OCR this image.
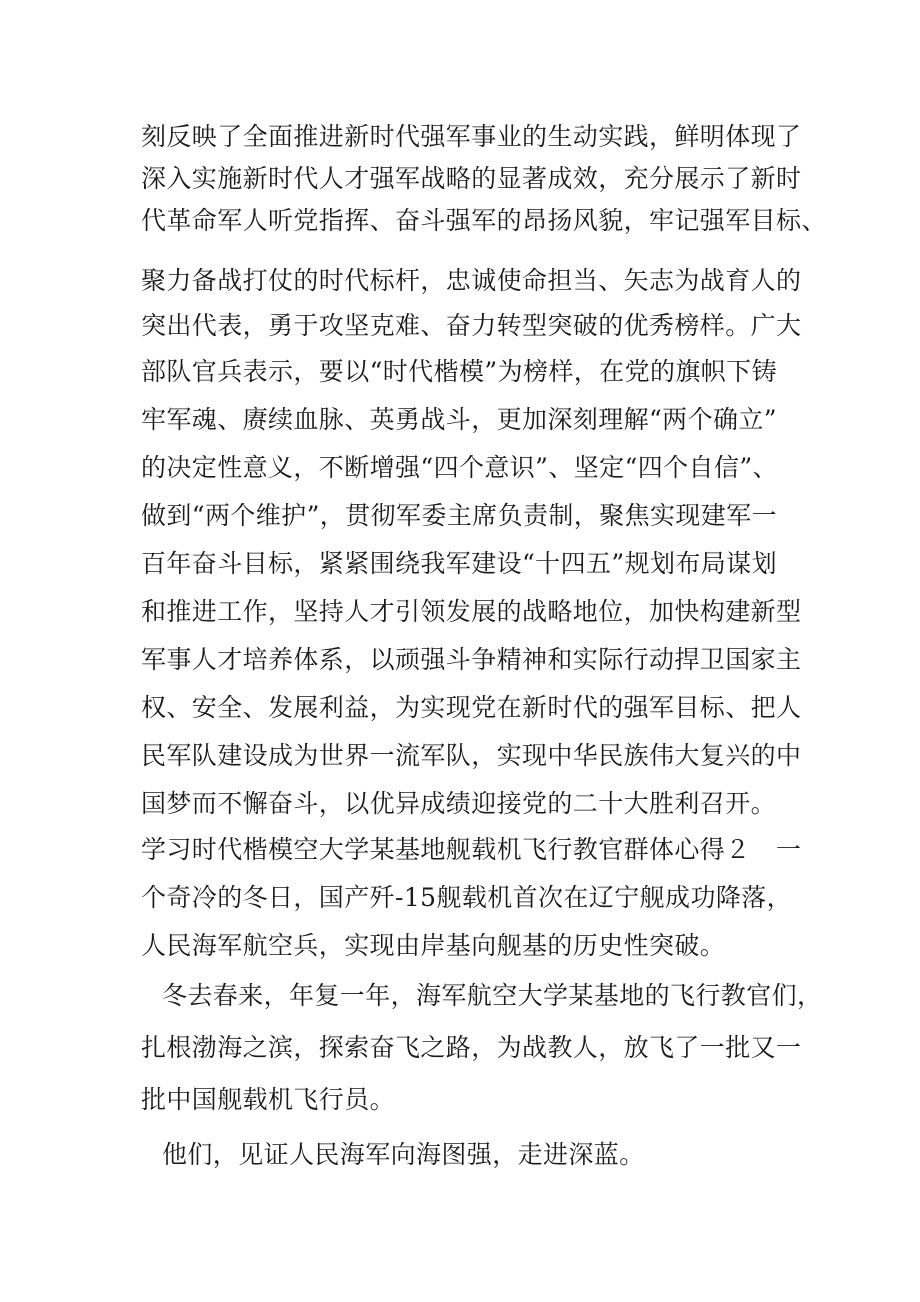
刻反映了全面推进新时代强军事业的生动实践，鲜明体现了
深入实施新时代人才强军战略的显著成效，充分展示了新时
代革命军人听党指挥、奋斗强军的昂扬风貌，牢记强军目标、
聚力备战打仗的时代标杆，忠诚使命担当、矢志为战育人的
突出代表，勇于攻坚克难、奋力转型突破的优秀榜样。广大
部队官兵表示，要以“时代楷模”为榜样，在党的旗帜下铸
牢军魂、赓续血脉、英勇战斗，更加深刻理解“两个确立”
的决定性意义，不断增强“四个意识”、坚定“四个自信”、
做到“两个维护”，贯彻军委主席负责制，聚焦实现建军一
百年奋斗目标，紧紧围绕我军建设“十四五”规划布局谋划
和推进工作，坚持人才引领发展的战略地位，加快构建新型
军事人才培养体系，以顽强斗争精神和实际行动捍卫国家主
权、安全、发展利益，为实现党在新时代的强军目标、把人
民军队建设成为世界一流军队，实现中华民族伟大复兴的中
国梦而不懈奋斗，以优异成绩迎接党的二十大胜利召开。
学习时代楷模空大学某基地舰载机飞行教官群体心得２　一
个奇冷的冬日，国产歼-15舰载机首次在辽宁舰成功降落，
人民海军航空兵，实现由岸基向舰基的历史性突破。
冬去春来，年复一年，海军航空大学某基地的飞行教官们，
扎根渤海之滨，探索奋飞之路，为战教人，放飞了一批又一
批中国舰载机飞行员。
他们，见证人民海军向海图强，走进深蓝。
